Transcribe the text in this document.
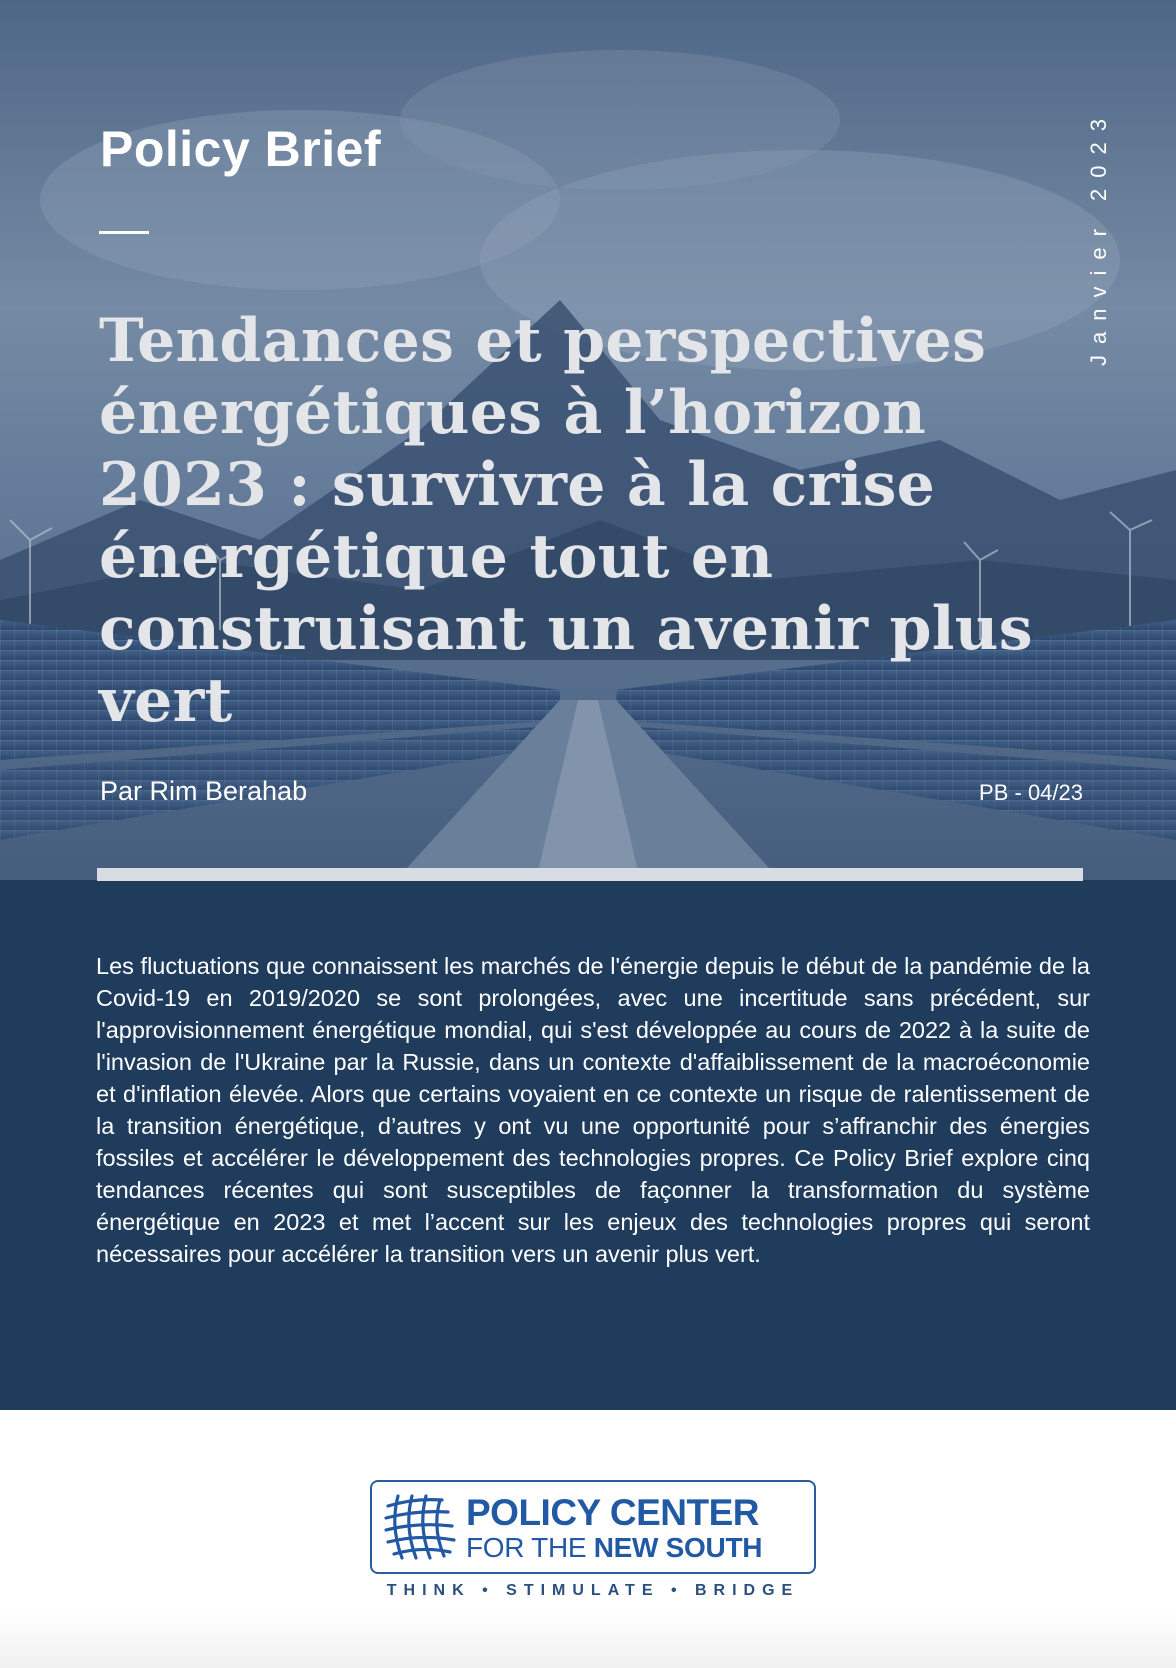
Policy Brief	Janvier 2023
Tendances et perspectives énergétiques à l’horizon 2023 : survivre à la crise énergétique tout en construisant un avenir plus vert
Par Rim Berahab	PB - 04/23

Les fluctuations que connaissent les marchés de l'énergie depuis le début de la pandémie de la Covid-19 en 2019/2020 se sont prolongées, avec une incertitude sans précédent, sur l'approvisionnement énergétique mondial, qui s'est développée au cours de 2022 à la suite de l'invasion de l'Ukraine par la Russie, dans un contexte d'affaiblissement de la macroéconomie et d'inflation élevée. Alors que certains voyaient en ce contexte un risque de ralentissement de la transition énergétique, d’autres y ont vu une opportunité pour s’affranchir des énergies fossiles et accélérer le développement des technologies propres. Ce Policy Brief explore cinq tendances récentes qui sont susceptibles de façonner la transformation du système énergétique en 2023 et met l’accent sur les enjeux des technologies propres qui seront nécessaires pour accélérer la transition vers un avenir plus vert.

POLICY CENTER
FOR THE NEW SOUTH
THINK • STIMULATE • BRIDGE
